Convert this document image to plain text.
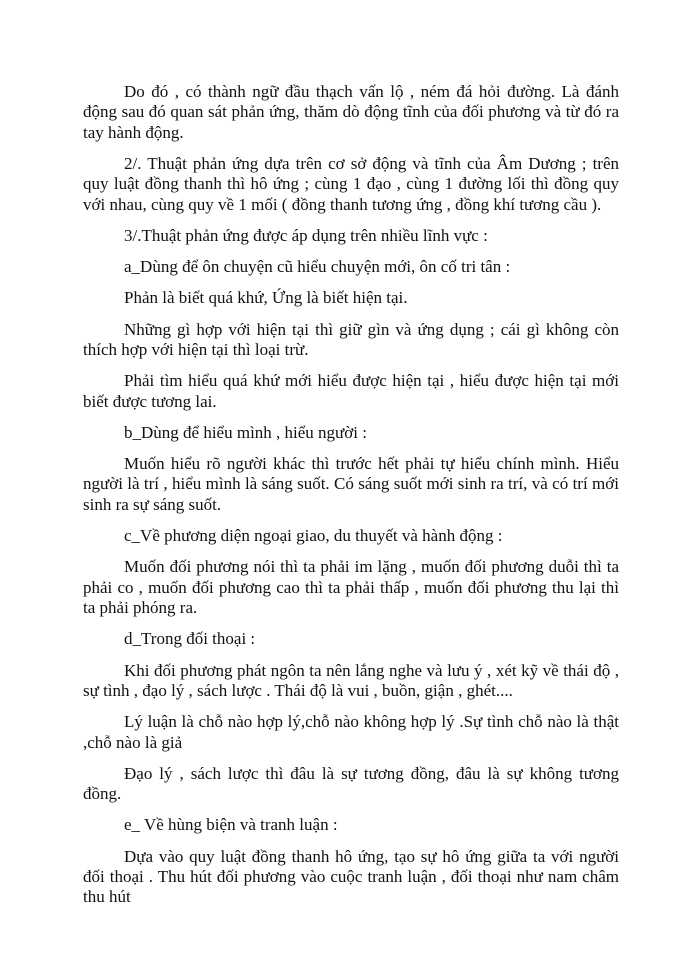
Do đó , có thành ngữ đầu thạch vấn lộ , ném đá hỏi đường. Là đánh động sau đó quan sát phản ứng, thăm dò động tĩnh của đối phương và từ đó ra tay hành động.

2/. Thuật phản ứng dựa trên cơ sở động và tĩnh của Âm Dương ; trên quy luật đồng thanh thì hô ứng ; cùng 1 đạo , cùng 1 đường lối thì đồng quy với nhau, cùng quy về 1 mối ( đồng thanh tương ứng , đồng khí tương cầu ).

3/.Thuật phản ứng được áp dụng trên nhiều lĩnh vực :

a_Dùng để ôn chuyện cũ hiểu chuyện mới, ôn cố tri tân :

Phản là biết quá khứ, Ứng là biết hiện tại.

Những gì hợp với hiện tại thì giữ gìn và ứng dụng ; cái gì không còn thích hợp với hiện tại thì loại trừ.

Phải tìm hiểu quá khứ mới hiểu được hiện tại , hiểu được hiện tại mới biết được tương lai.

b_Dùng để hiểu mình , hiểu người :

Muốn hiểu rõ người khác thì trước hết phải tự hiểu chính mình. Hiểu người là trí , hiểu mình là sáng suốt. Có sáng suốt mới sinh ra trí, và có trí mới sinh ra sự sáng suốt.

c_Về phương diện ngoại giao, du thuyết và hành động :

Muốn đối phương nói thì ta phải im lặng , muốn đối phương duỗi thì ta phải co , muốn đối phương cao thì ta phải thấp , muốn đối phương thu lại thì ta phải phóng ra.

d_Trong đối thoại :

Khi đối phương phát ngôn ta nên lắng nghe và lưu ý , xét kỹ về thái độ , sự tình , đạo lý , sách lược . Thái độ là vui , buồn, giận , ghét....

Lý luận là chỗ nào hợp lý,chỗ nào không hợp lý .Sự tình chỗ nào là thật ,chỗ nào là giả

Đạo lý , sách lược thì đâu là sự tương đồng, đâu là sự không tương đồng.

e_ Về hùng biện và tranh luận :

Dựa vào quy luật đồng thanh hô ứng, tạo sự hô ứng giữa ta với người đối thoại . Thu hút đối phương vào cuộc tranh luận , đối thoại như nam châm thu hút
